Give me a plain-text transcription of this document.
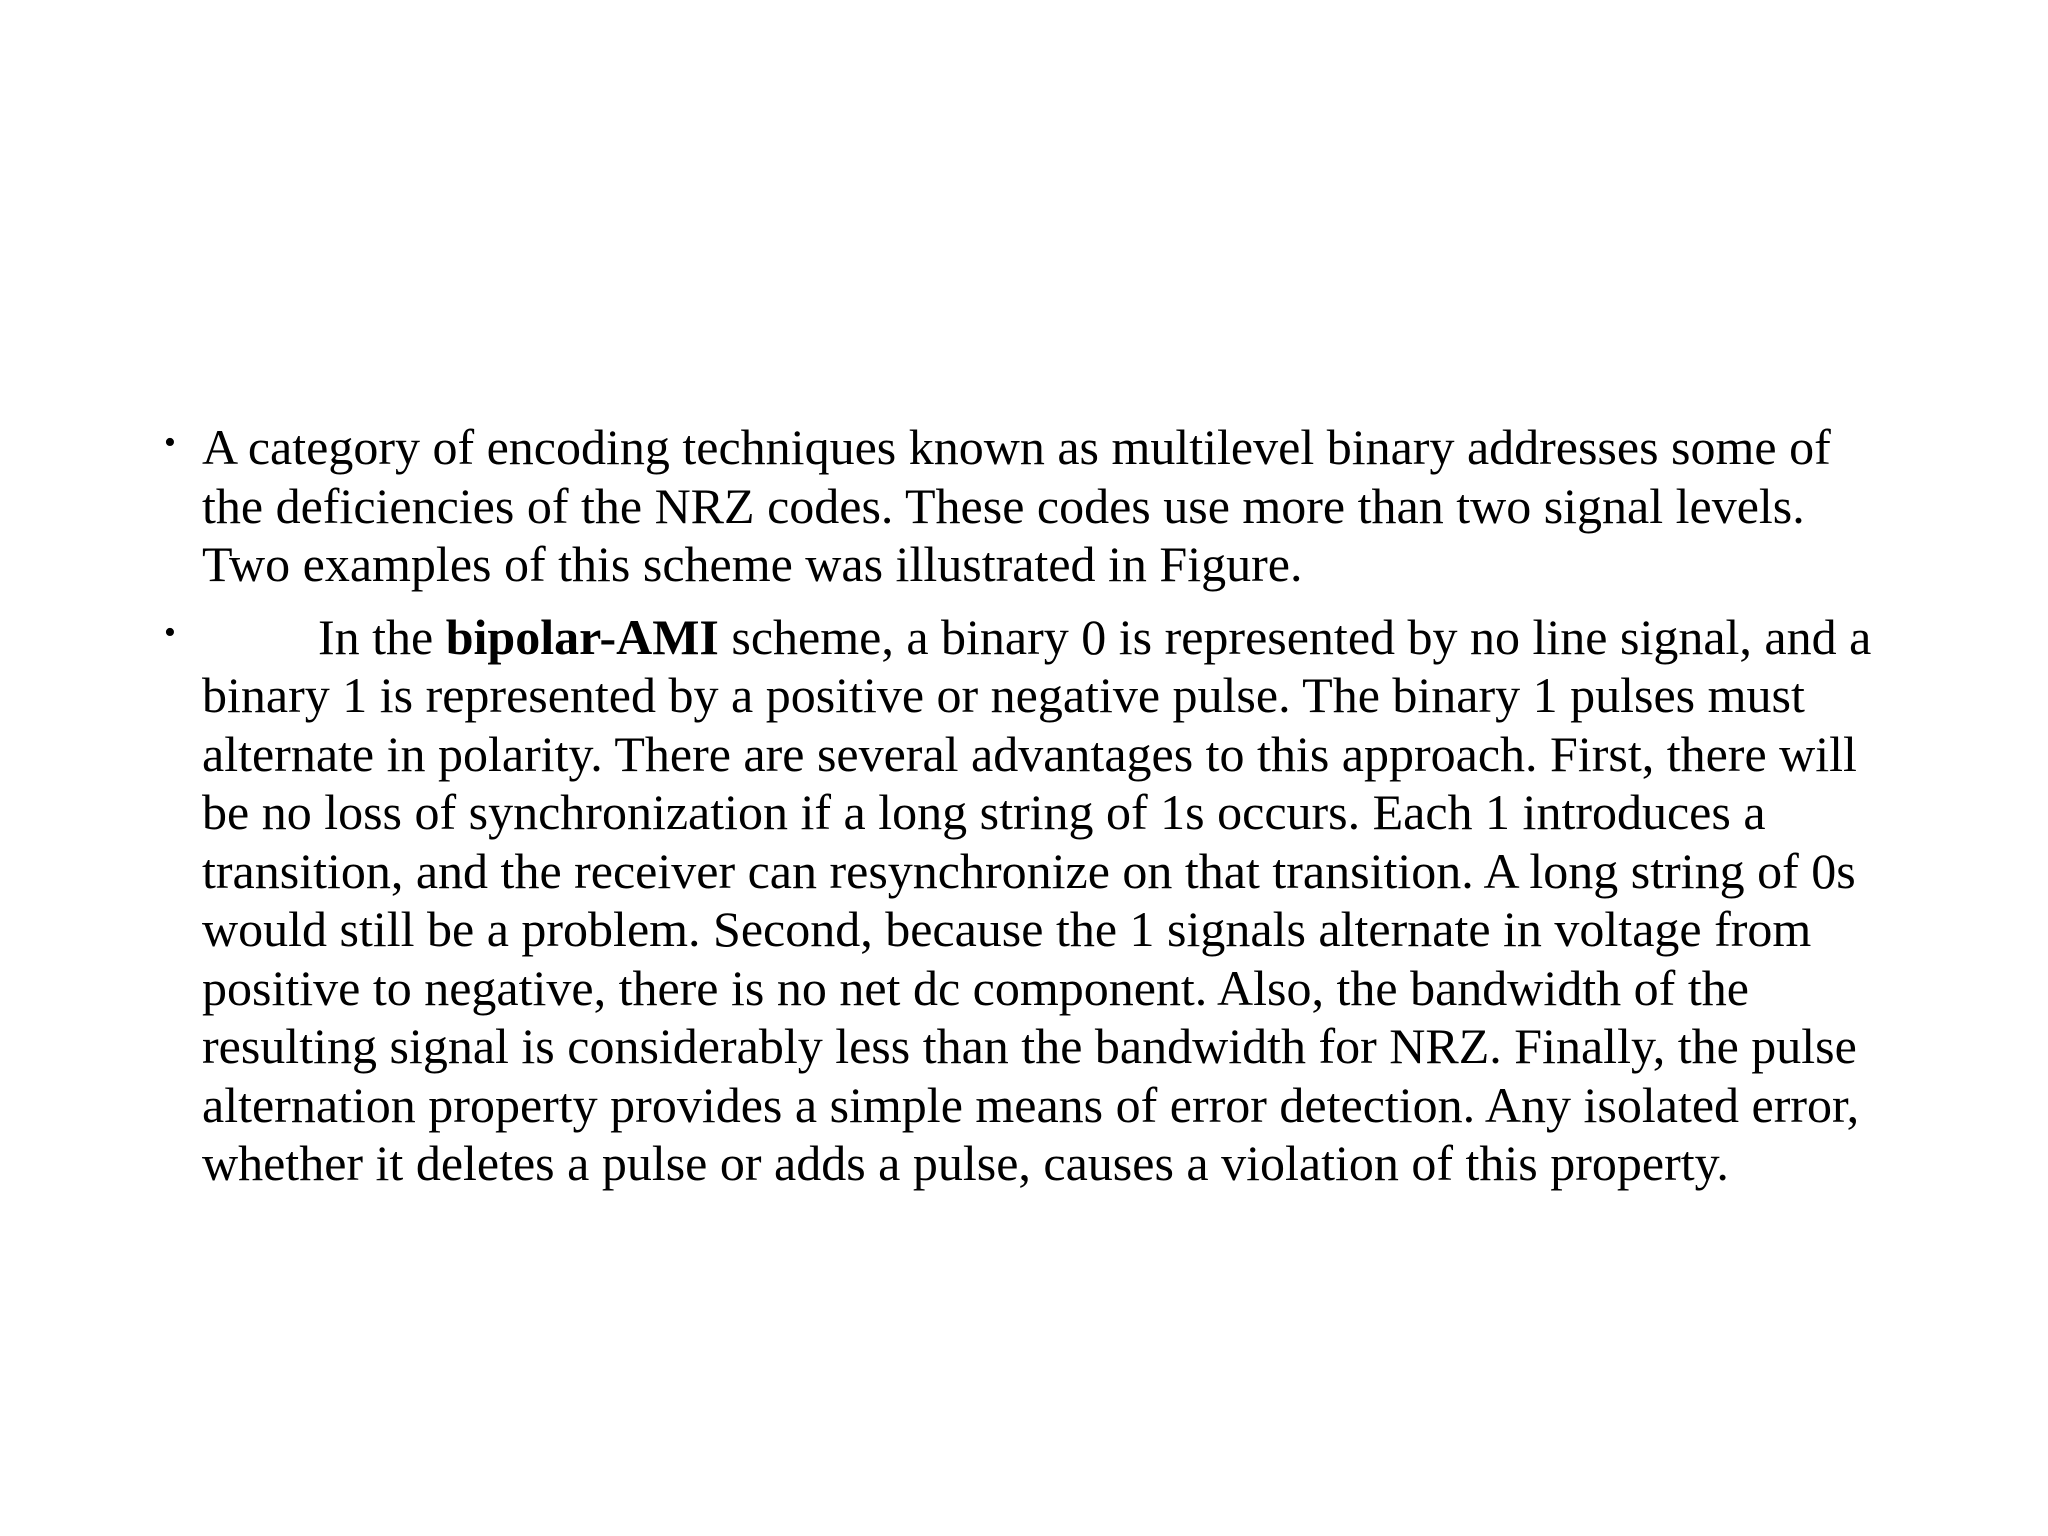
• A category of encoding techniques known as multilevel binary addresses some of the deficiencies of the NRZ codes. These codes use more than two signal levels. Two examples of this scheme was illustrated in Figure.
•	In the bipolar-AMI scheme, a binary 0 is represented by no line signal, and a binary 1 is represented by a positive or negative pulse. The binary 1 pulses must alternate in polarity. There are several advantages to this approach. First, there will be no loss of synchronization if a long string of 1s occurs. Each 1 introduces a transition, and the receiver can resynchronize on that transition. A long string of 0s would still be a problem. Second, because the 1 signals alternate in voltage from positive to negative, there is no net dc component. Also, the bandwidth of the resulting signal is considerably less than the bandwidth for NRZ. Finally, the pulse alternation property provides a simple means of error detection. Any isolated error, whether it deletes a pulse or adds a pulse, causes a violation of this property.
